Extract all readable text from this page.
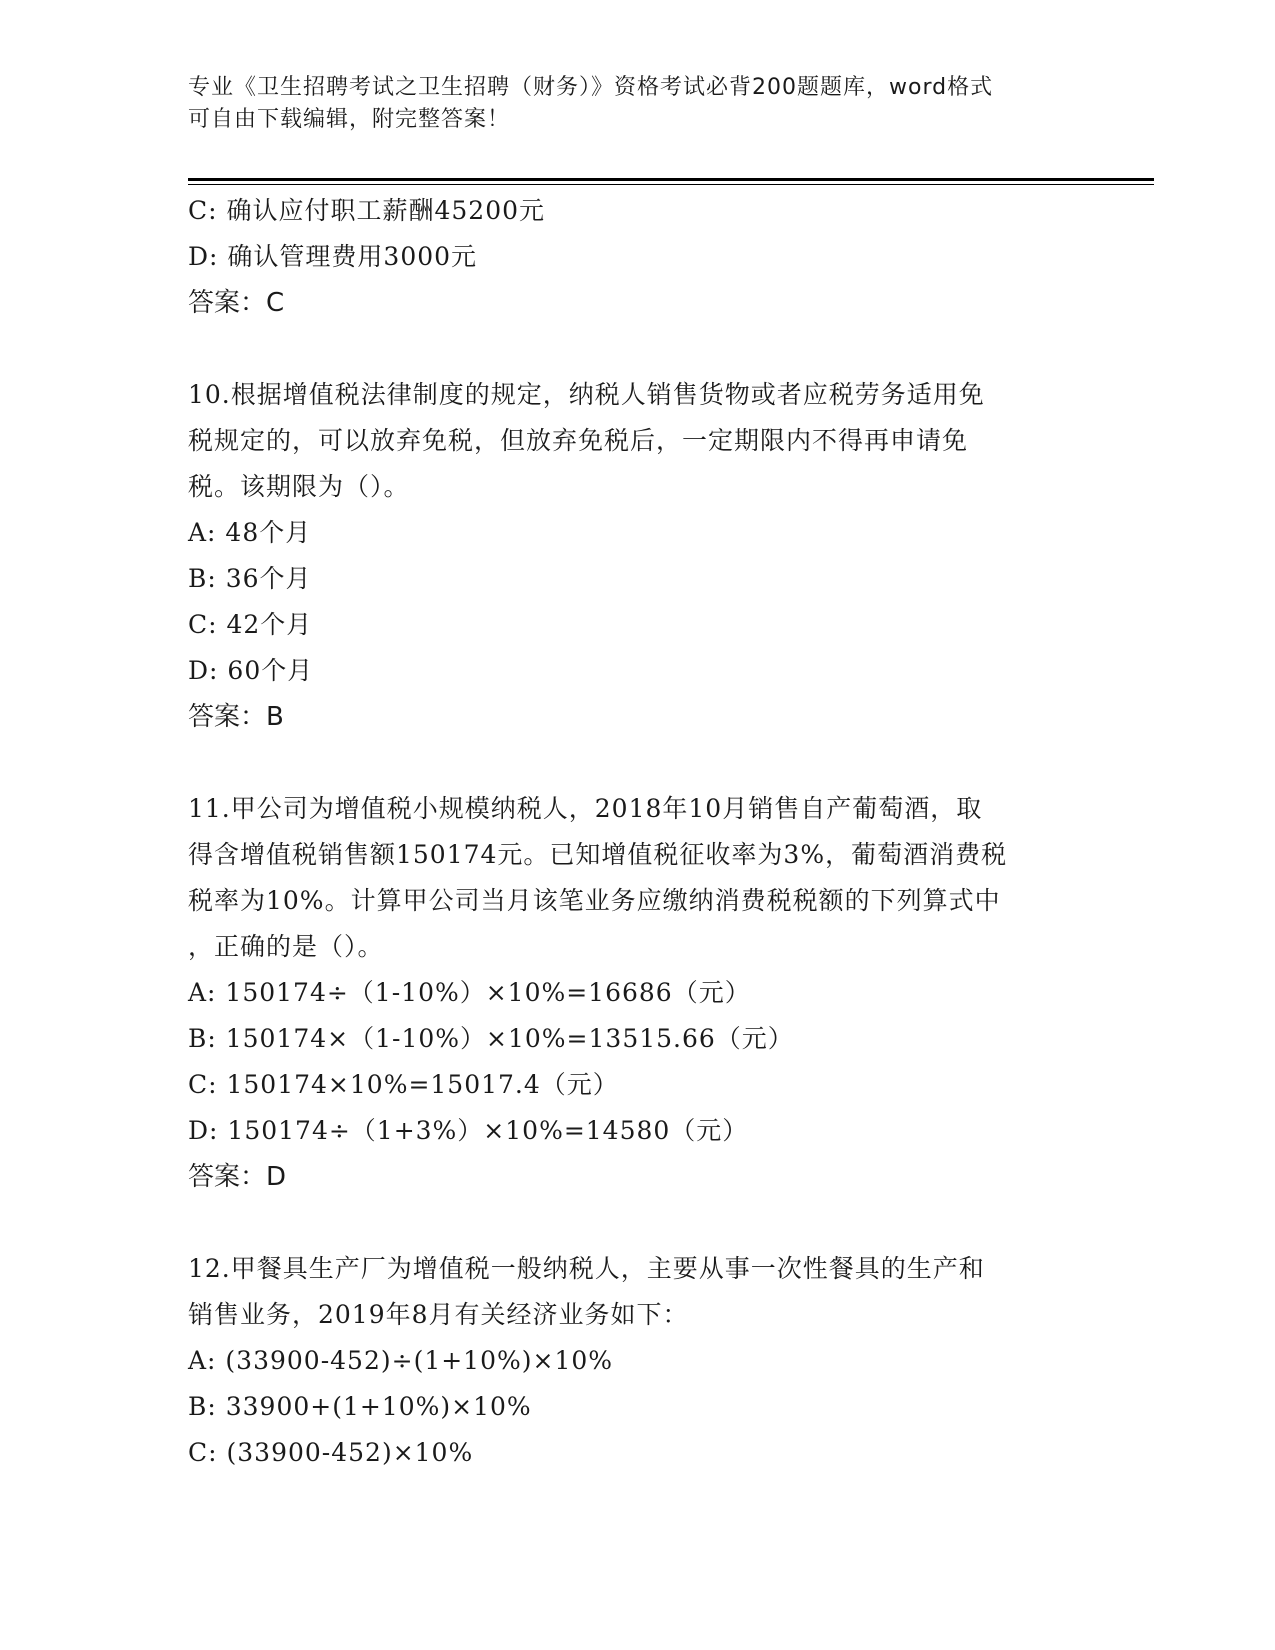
专业《卫生招聘考试之卫生招聘（财务）》资格考试必背200题题库，word格式
可自由下载编辑，附完整答案！
C: 确认应付职工薪酬45200元
D: 确认管理费用3000元
答案：C
10.根据增值税法律制度的规定，纳税人销售货物或者应税劳务适用免
税规定的，可以放弃免税，但放弃免税后，一定期限内不得再申请免
税。该期限为（）。
A: 48个月
B: 36个月
C: 42个月
D: 60个月
答案：B
11.甲公司为增值税小规模纳税人，2018年10月销售自产葡萄酒，取
得含增值税销售额150174元。已知增值税征收率为3%，葡萄酒消费税
税率为10%。计算甲公司当月该笔业务应缴纳消费税税额的下列算式中
，正确的是（）。
A: 150174÷（1-10%）×10%=16686（元）
B: 150174×（1-10%）×10%=13515.66（元）
C: 150174×10%=15017.4（元）
D: 150174÷（1+3%）×10%=14580（元）
答案：D
12.甲餐具生产厂为增值税一般纳税人，主要从事一次性餐具的生产和
销售业务，2019年8月有关经济业务如下：
A: (33900-452)÷(1+10%)×10%
B: 33900+(1+10%)×10%
C: (33900-452)×10%
